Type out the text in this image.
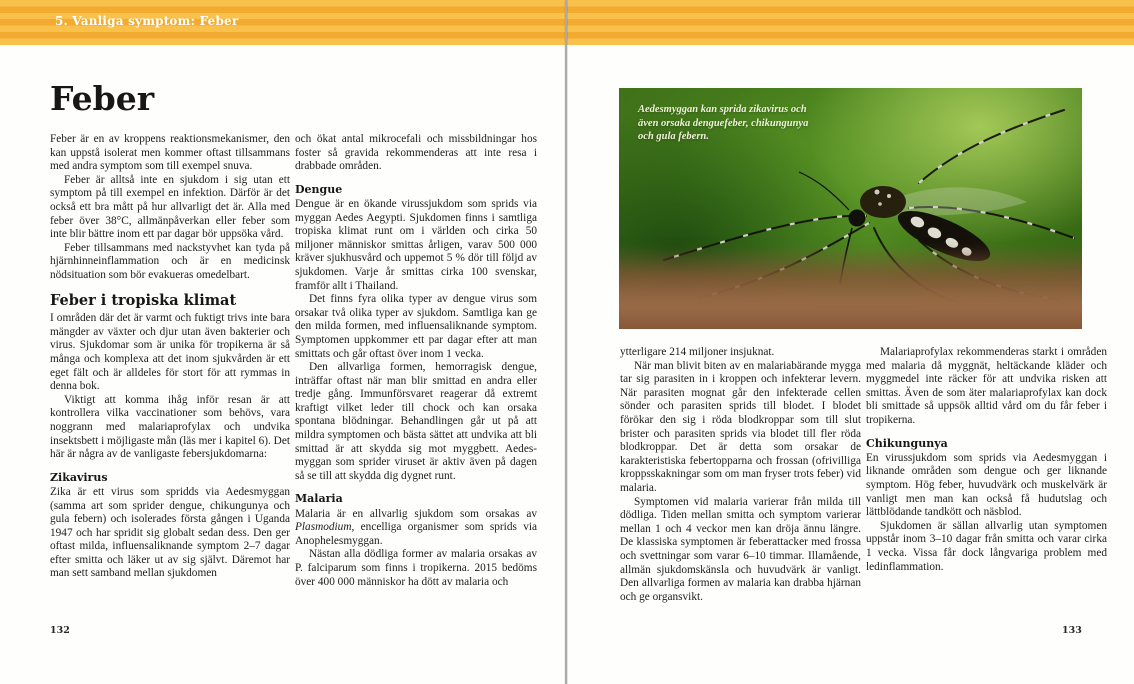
5. Vanliga symptom: Feber
Feber

Feber är en av kroppens reaktionsmekanismer, den kan uppstå isolerat men kommer oftast tillsammans med andra symptom som till exempel snuva.

Feber är alltså inte en sjukdom i sig utan ett symptom på till exempel en infektion. Därför är det också ett bra mått på hur allvarligt det är. Alla med feber över 38°C, allmänpåverkan eller feber som inte blir bättre inom ett par dagar bör uppsöka vård.

Feber tillsammans med nackstyvhet kan tyda på hjärnhinneinflammation och är en medicinsk nödsituation som bör evakueras omedelbart.

Feber i tropiska klimat

I områden där det är varmt och fuktigt trivs inte bara mängder av växter och djur utan även bakterier och virus. Sjukdomar som är unika för tropikerna är så många och komplexa att det inom sjukvården är ett eget fält och är alldeles för stort för att rymmas in denna bok.

Viktigt att komma ihåg inför resan är att kontrollera vilka vaccinationer som behövs, vara noggrann med malariaprofylax och undvika insektsbett i möjligaste mån (läs mer i kapitel 6). Det här är några av de vanligaste febersjukdomarna:

Zikavirus

Zika är ett virus som spridds via Aedesmyggan (samma art som sprider dengue, chikungunya och gula febern) och isolerades första gången i Uganda 1947 och har spridit sig globalt sedan dess. Den ger oftast milda, influensaliknande symptom 2–7 dagar efter smitta och läker ut av sig självt. Däremot har man sett samband mellan sjukdomen

och ökat antal mikrocefali och missbildningar hos foster så gravida rekommenderas att inte resa i drabbade områden.

Dengue

Dengue är en ökande virussjukdom som sprids via myggan Aedes Aegypti. Sjukdomen finns i samtliga tropiska klimat runt om i världen och cirka 50 miljoner människor smittas årligen, varav 500 000 kräver sjukhusvård och uppemot 5 % dör till följd av sjukdomen. Varje år smittas cirka 100 svenskar, framför allt i Thailand.

Det finns fyra olika typer av dengue virus som orsakar två olika typer av sjukdom. Samtliga kan ge den milda formen, med influensaliknande symptom. Symptomen uppkommer ett par dagar efter att man smittats och går oftast över inom 1 vecka.

Den allvarliga formen, hemorragisk dengue, inträffar oftast när man blir smittad en andra eller tredje gång. Immunförsvaret reagerar då extremt kraftigt vilket leder till chock och kan orsaka spontana blödningar. Behandlingen går ut på att mildra symptomen och bästa sättet att undvika att bli smittad är att skydda sig mot myggbett. Aedes-myggan som sprider viruset är aktiv även på dagen så se till att skydda dig dygnet runt.

Malaria

Malaria är en allvarlig sjukdom som orsakas av Plasmodium, encelliga organismer som sprids via Anophelesmyggan.

Nästan alla dödliga former av malaria orsakas av P. falciparum som finns i tropikerna. 2015 bedöms över 400 000 människor ha dött av malaria och

132
Aedesmyggan kan sprida zikavirus och även orsaka denguefeber, chikungunya och gula febern.

ytterligare 214 miljoner insjuknat.

När man blivit biten av en malariabärande mygga tar sig parasiten in i kroppen och infekterar levern. När parasiten mognat går den infekterade cellen sönder och parasiten sprids till blodet. I blodet förökar den sig i röda blodkroppar som till slut brister och parasiten sprids via blodet till fler röda blodkroppar. Det är detta som orsakar de karakteristiska febertopparna och frossan (ofrivilliga kroppsskakningar som om man fryser trots feber) vid malaria.

Symptomen vid malaria varierar från milda till dödliga. Tiden mellan smitta och symptom varierar mellan 1 och 4 veckor men kan dröja ännu längre. De klassiska symptomen är feberattacker med frossa och svettningar som varar 6–10 timmar. Illamående, allmän sjukdomskänsla och huvudvärk är vanligt. Den allvarliga formen av malaria kan drabba hjärnan och ge organsvikt.

Malariaprofylax rekommenderas starkt i områden med malaria då myggnät, heltäckande kläder och myggmedel inte räcker för att undvika risken att smittas. Även de som äter malariaprofylax kan dock bli smittade så uppsök alltid vård om du får feber i tropikerna.

Chikungunya

En virussjukdom som sprids via Aedesmyggan i liknande områden som dengue och ger liknande symptom. Hög feber, huvudvärk och muskelvärk är vanligt men man kan också få hudutslag och lättblödande tandkött och näsblod.

Sjukdomen är sällan allvarlig utan symptomen uppstår inom 3–10 dagar från smitta och varar cirka 1 vecka. Vissa får dock långvariga problem med ledinflammation.

133
